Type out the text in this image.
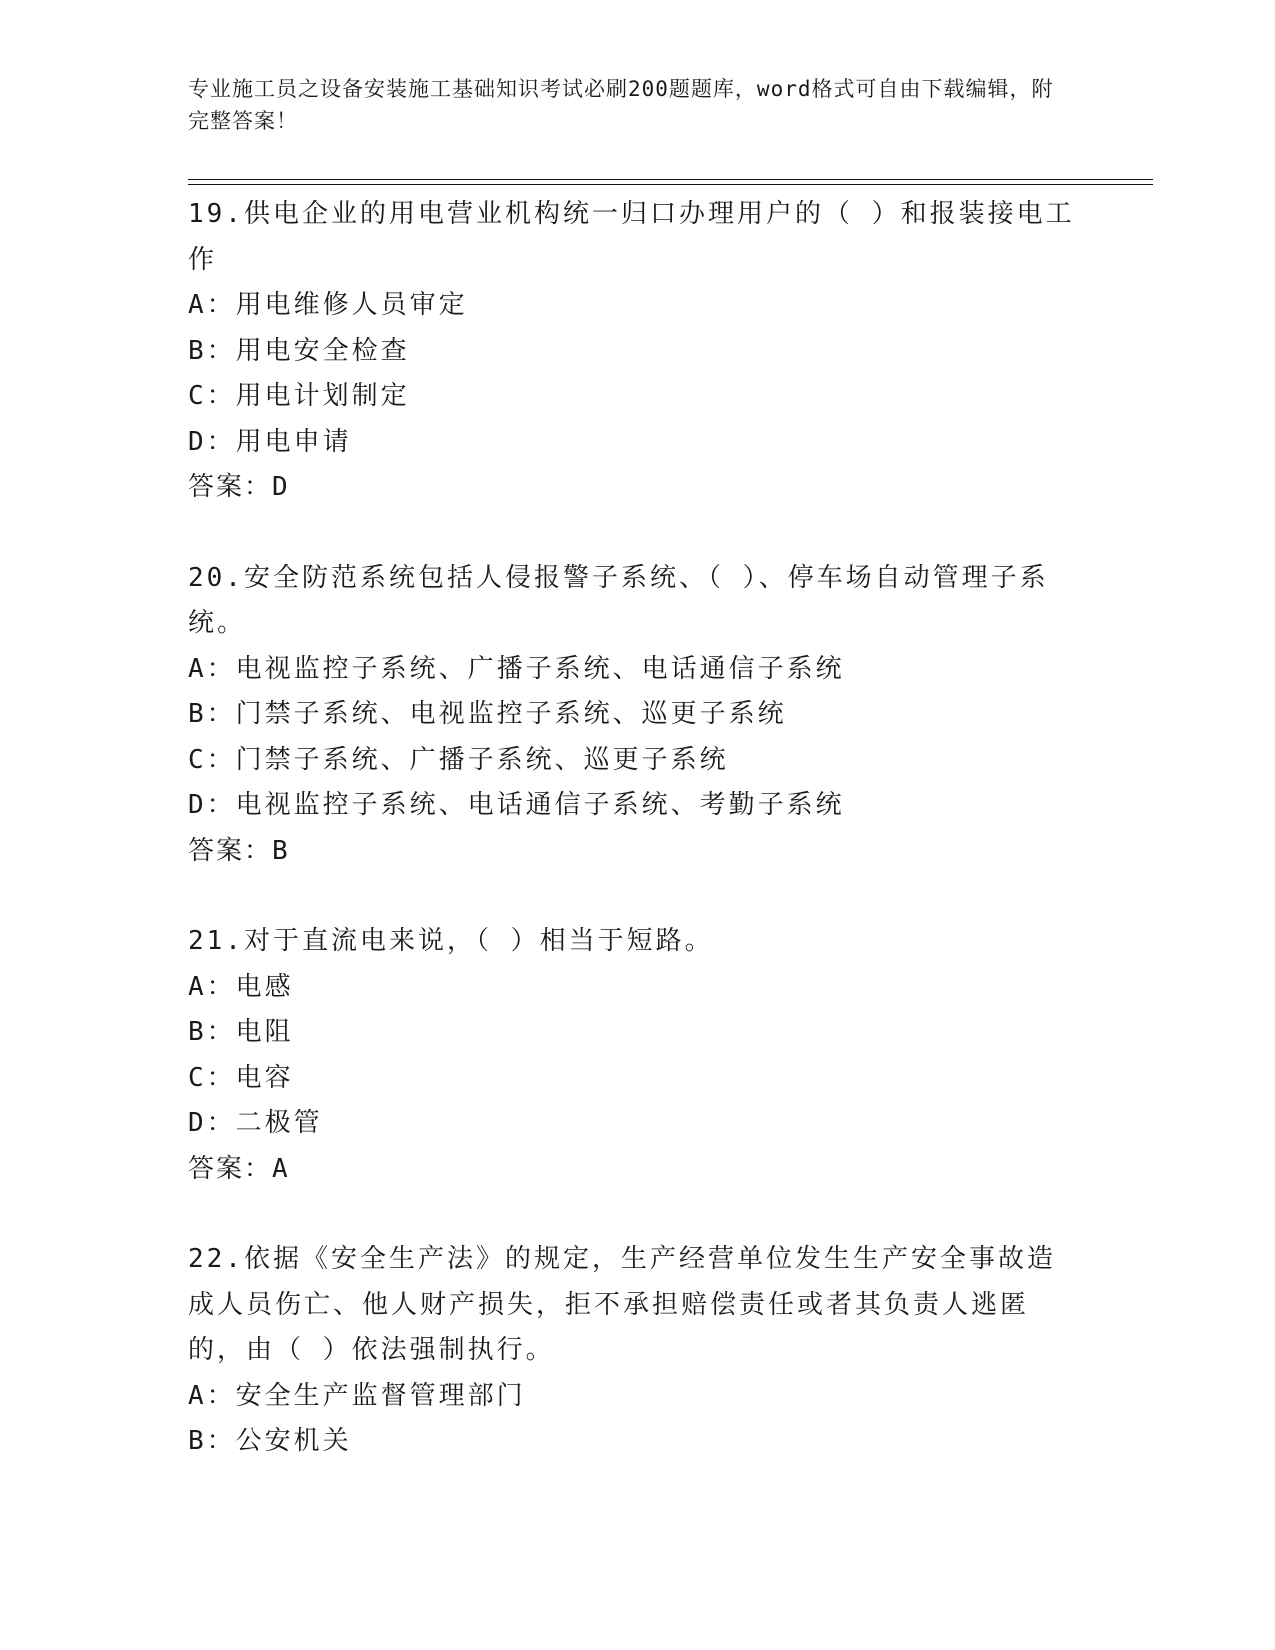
专业施工员之设备安装施工基础知识考试必刷200题题库，word格式可自由下载编辑，附完整答案！

19.供电企业的用电营业机构统一归口办理用户的（ ）和报装接电工作

A：用电维修人员审定

B：用电安全检查

C：用电计划制定

D：用电申请

答案：D

20.安全防范系统包括人侵报警子系统、（ ）、停车场自动管理子系统。

A：电视监控子系统、广播子系统、电话通信子系统

B：门禁子系统、电视监控子系统、巡更子系统

C：门禁子系统、广播子系统、巡更子系统

D：电视监控子系统、电话通信子系统、考勤子系统

答案：B

21.对于直流电来说，（ ）相当于短路。

A：电感

B：电阻

C：电容

D：二极管

答案：A

22.依据《安全生产法》的规定，生产经营单位发生生产安全事故造成人员伤亡、他人财产损失，拒不承担赔偿责任或者其负责人逃匿的，由（ ）依法强制执行。

A：安全生产监督管理部门

B：公安机关
